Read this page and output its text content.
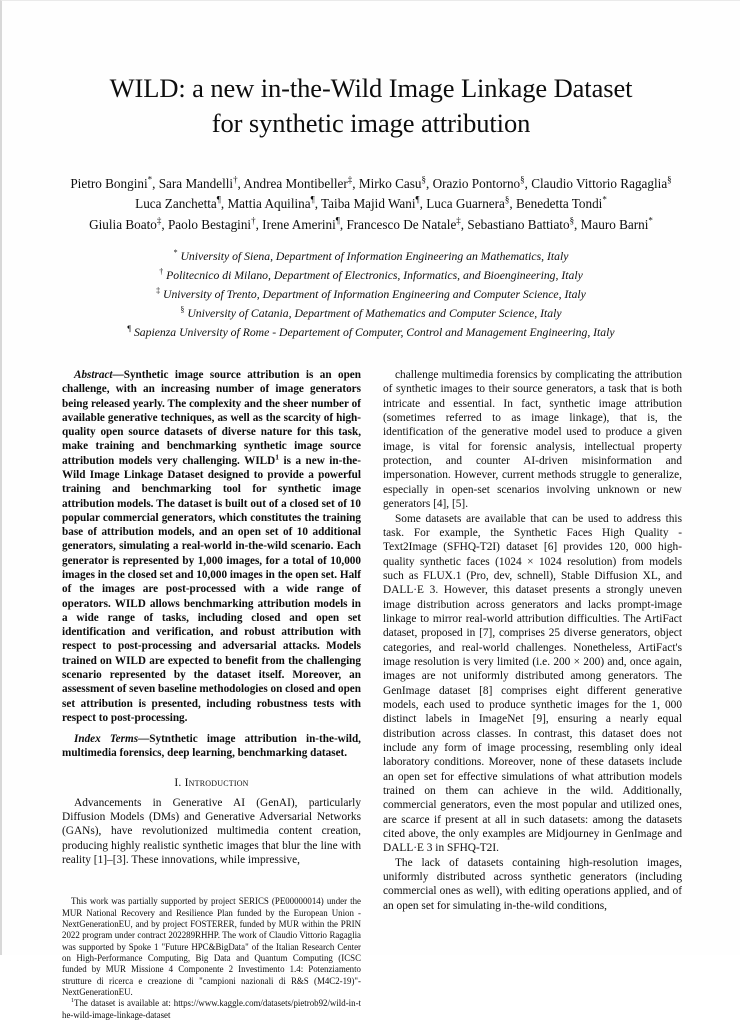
WILD: a new in-the-Wild Image Linkage Dataset
for synthetic image attribution
Pietro Bongini*, Sara Mandelli†, Andrea Montibeller‡, Mirko Casu§, Orazio Pontorno§, Claudio Vittorio Ragaglia§
Luca Zanchetta¶, Mattia Aquilina¶, Taiba Majid Wani¶, Luca Guarnera§, Benedetta Tondi*
Giulia Boato‡, Paolo Bestagini†, Irene Amerini¶, Francesco De Natale‡, Sebastiano Battiato§, Mauro Barni*
* University of Siena, Department of Information Engineering an Mathematics, Italy
† Politecnico di Milano, Department of Electronics, Informatics, and Bioengineering, Italy
‡ University of Trento, Department of Information Engineering and Computer Science, Italy
§ University of Catania, Department of Mathematics and Computer Science, Italy
¶ Sapienza University of Rome - Departement of Computer, Control and Management Engineering, Italy

Abstract—Synthetic image source attribution is an open challenge, with an increasing number of image generators being released yearly. The complexity and the sheer number of available generative techniques, as well as the scarcity of high-quality open source datasets of diverse nature for this task, make training and benchmarking synthetic image source attribution models very challenging. WILD$^1$ is a new in-the-Wild Image Linkage Dataset designed to provide a powerful training and benchmarking tool for synthetic image attribution models. The dataset is built out of a closed set of 10 popular commercial generators, which constitutes the training base of attribution models, and an open set of 10 additional generators, simulating a real-world in-the-wild scenario. Each generator is represented by 1,000 images, for a total of 10,000 images in the closed set and 10,000 images in the open set. Half of the images are post-processed with a wide range of operators. WILD allows benchmarking attribution models in a wide range of tasks, including closed and open set identification and verification, and robust attribution with respect to post-processing and adversarial attacks. Models trained on WILD are expected to benefit from the challenging scenario represented by the dataset itself. Moreover, an assessment of seven baseline methodologies on closed and open set attribution is presented, including robustness tests with respect to post-processing.

Index Terms—Sytnthetic image attribution in-the-wild, multimedia forensics, deep learning, benchmarking dataset.

I. Introduction

Advancements in Generative AI (GenAI), particularly Diffusion Models (DMs) and Generative Adversarial Networks (GANs), have revolutionized multimedia content creation, producing highly realistic synthetic images that blur the line with reality [1]–[3]. These innovations, while impressive,

This work was partially supported by project SERICS (PE00000014) under the MUR National Recovery and Resilience Plan funded by the European Union - NextGenerationEU, and by project FOSTERER, funded by MUR within the PRIN 2022 program under contract 202289RHHP. The work of Claudio Vittorio Ragaglia was supported by Spoke 1 "Future HPC&BigData" of the Italian Research Center on High-Performance Computing, Big Data and Quantum Computing (ICSC funded by MUR Missione 4 Componente 2 Investimento 1.4: Potenziamento strutture di ricerca e creazione di "campioni nazionali di R&S (M4C2-19)"- NextGenerationEU.

$^1$The dataset is available at: https://www.kaggle.com/datasets/pietrob92/wild-in-the-wild-image-linkage-dataset

challenge multimedia forensics by complicating the attribution of synthetic images to their source generators, a task that is both intricate and essential. In fact, synthetic image attribution (sometimes referred to as image linkage), that is, the identification of the generative model used to produce a given image, is vital for forensic analysis, intellectual property protection, and counter AI-driven misinformation and impersonation. However, current methods struggle to generalize, especially in open-set scenarios involving unknown or new generators [4], [5].

Some datasets are available that can be used to address this task. For example, the Synthetic Faces High Quality - Text2Image (SFHQ-T2I) dataset [6] provides 120, 000 high-quality synthetic faces (1024 × 1024 resolution) from models such as FLUX.1 (Pro, dev, schnell), Stable Diffusion XL, and DALL·E 3. However, this dataset presents a strongly uneven image distribution across generators and lacks prompt-image linkage to mirror real-world attribution difficulties. The ArtiFact dataset, proposed in [7], comprises 25 diverse generators, object categories, and real-world challenges. Nonetheless, ArtiFact's image resolution is very limited (i.e. 200 × 200) and, once again, images are not uniformly distributed among generators. The GenImage dataset [8] comprises eight different generative models, each used to produce synthetic images for the 1, 000 distinct labels in ImageNet [9], ensuring a nearly equal distribution across classes. In contrast, this dataset does not include any form of image processing, resembling only ideal laboratory conditions. Moreover, none of these datasets include an open set for effective simulations of what attribution models trained on them can achieve in the wild. Additionally, commercial generators, even the most popular and utilized ones, are scarce if present at all in such datasets: among the datasets cited above, the only examples are Midjourney in GenImage and DALL·E 3 in SFHQ-T2I.

The lack of datasets containing high-resolution images, uniformly distributed across synthetic generators (including commercial ones as well), with editing operations applied, and of an open set for simulating in-the-wild conditions,
